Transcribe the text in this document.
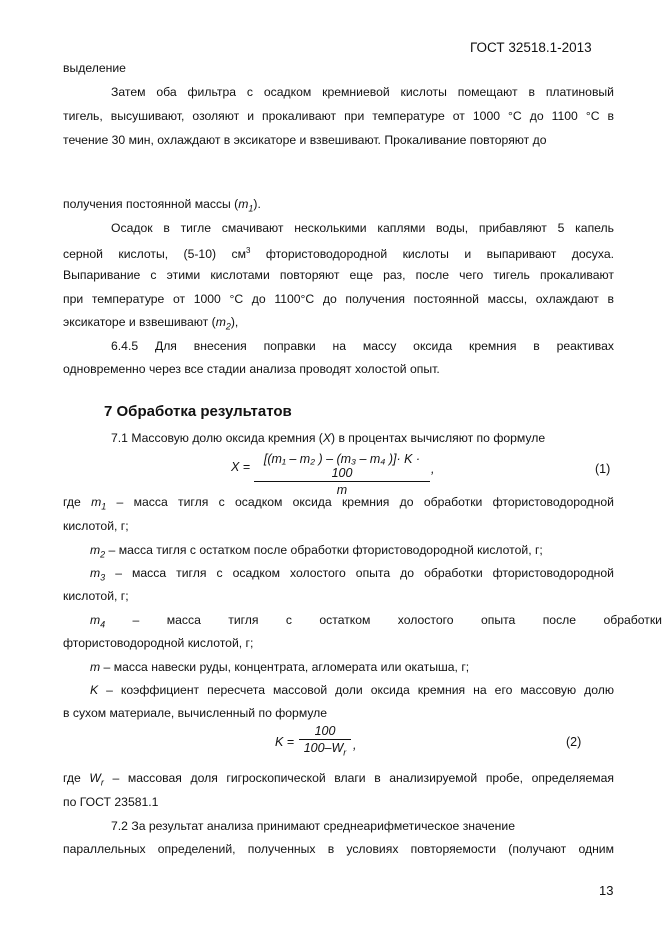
ГОСТ 32518.1-2013
выделение
Затем оба фильтра с осадком кремниевой кислоты помещают в платиновый
тигель, высушивают, озоляют и прокаливают при температуре от 1000 °С до 1100 °С в
течение 30 мин, охлаждают в эксикаторе и взвешивают. Прокаливание повторяют до
получения постоянной массы $(m_1)$.
Осадок в тигле смачивают несколькими каплями воды, прибавляют 5 капель
серной кислоты, (5-10) $см^3$ фтористоводородной кислоты и выпаривают досуха.
Выпаривание с этими кислотами повторяют еще раз, после чего тигель прокаливают
при температуре от 1000 °С до 1100°С до получения постоянной массы, охлаждают в
эксикаторе и взвешивают $(m_2)$,
6.4.5 Для внесения поправки на массу оксида кремния в реактивах
одновременно через все стадии анализа проводят холостой опыт.
7 Обработка результатов
7.1 Массовую долю оксида кремния (X) в процентах вычисляют по формуле
X =
[(m₁ – m₂ ) – (m₃ – m₄ )]· K · 100
m
,	(1)
где $m_1$ – масса тигля с осадком оксида кремния до обработки фтористоводородной
кислотой, г;
$m_2$ – масса тигля с остатком после обработки фтористоводородной кислотой, г;
$m_3$ – масса тигля с осадком холостого опыта до обработки фтористоводородной
кислотой, г;
$m_4$ – масса тигля с остатком холостого опыта после обработки
фтористоводородной кислотой, г;
m – масса навески руды, концентрата, агломерата или окатыша, г;
K – коэффициент пересчета массовой доли оксида кремния на его массовую долю
в сухом материале, вычисленный по формуле
K =
100
$100-W_r$
,	(2)
где $W_r$ – массовая доля гигроскопической влаги в анализируемой пробе, определяемая
по ГОСТ 23581.1
7.2 За результат анализа принимают среднеарифметическое значение
параллельных определений, полученных в условиях повторяемости (получают одним
13
